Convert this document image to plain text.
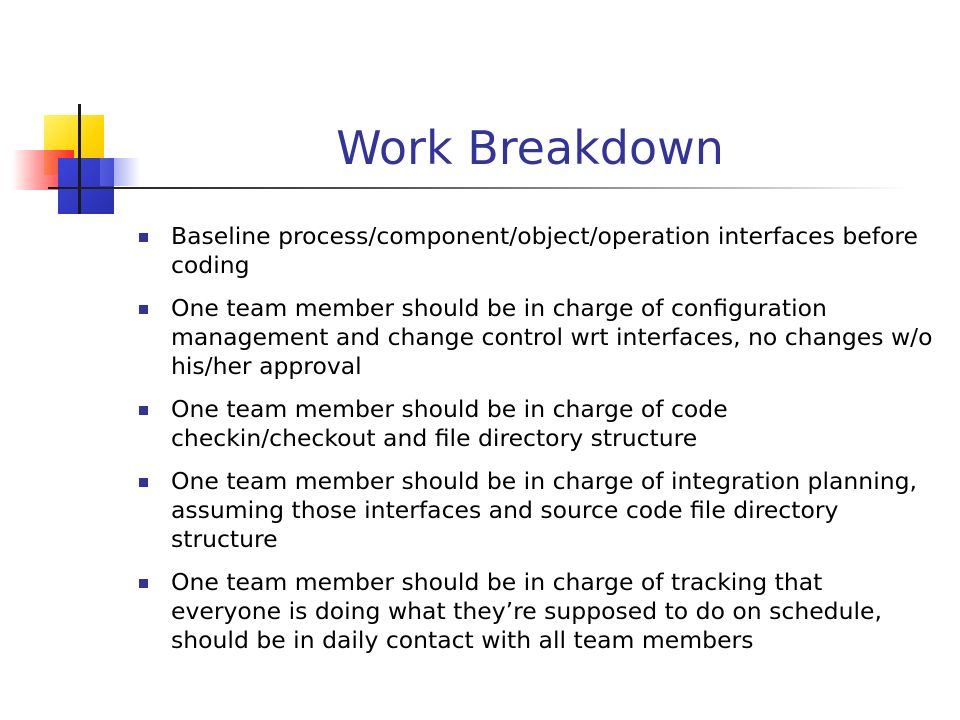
Work Breakdown
Baseline process/component/object/operation interfaces before coding
One team member should be in charge of configuration management and change control wrt interfaces, no changes w/o his/her approval
One team member should be in charge of code checkin/checkout and file directory structure
One team member should be in charge of integration planning, assuming those interfaces and source code file directory structure
One team member should be in charge of tracking that everyone is doing what they’re supposed to do on schedule, should be in daily contact with all team members
